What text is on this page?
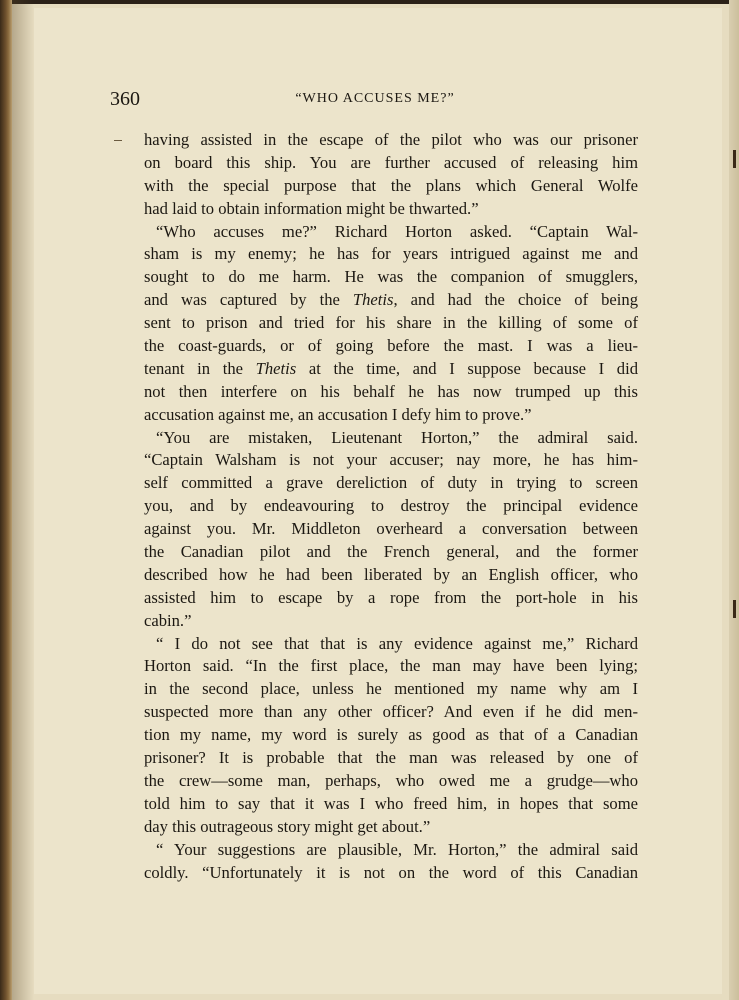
360	“WHO ACCUSES ME?”
having assisted in the escape of the pilot who was our prisoner
on board this ship. You are further accused of releasing him
with the special purpose that the plans which General Wolfe
had laid to obtain information might be thwarted.”
“Who accuses me?” Richard Horton asked. “Captain Wal-
sham is my enemy; he has for years intrigued against me and
sought to do me harm. He was the companion of smugglers,
and was captured by the Thetis, and had the choice of being
sent to prison and tried for his share in the killing of some of
the coast-guards, or of going before the mast. I was a lieu-
tenant in the Thetis at the time, and I suppose because I did
not then interfere on his behalf he has now trumped up this
accusation against me, an accusation I defy him to prove.”
“You are mistaken, Lieutenant Horton,” the admiral said.
“Captain Walsham is not your accuser; nay more, he has him-
self committed a grave dereliction of duty in trying to screen
you, and by endeavouring to destroy the principal evidence
against you. Mr. Middleton overheard a conversation between
the Canadian pilot and the French general, and the former
described how he had been liberated by an English officer, who
assisted him to escape by a rope from the port-hole in his
cabin.”
“ I do not see that that is any evidence against me,” Richard
Horton said. “In the first place, the man may have been lying;
in the second place, unless he mentioned my name why am I
suspected more than any other officer? And even if he did men-
tion my name, my word is surely as good as that of a Canadian
prisoner? It is probable that the man was released by one of
the crew—some man, perhaps, who owed me a grudge—who
told him to say that it was I who freed him, in hopes that some
day this outrageous story might get about.”
“ Your suggestions are plausible, Mr. Horton,” the admiral said
coldly. “Unfortunately it is not on the word of this Canadian
